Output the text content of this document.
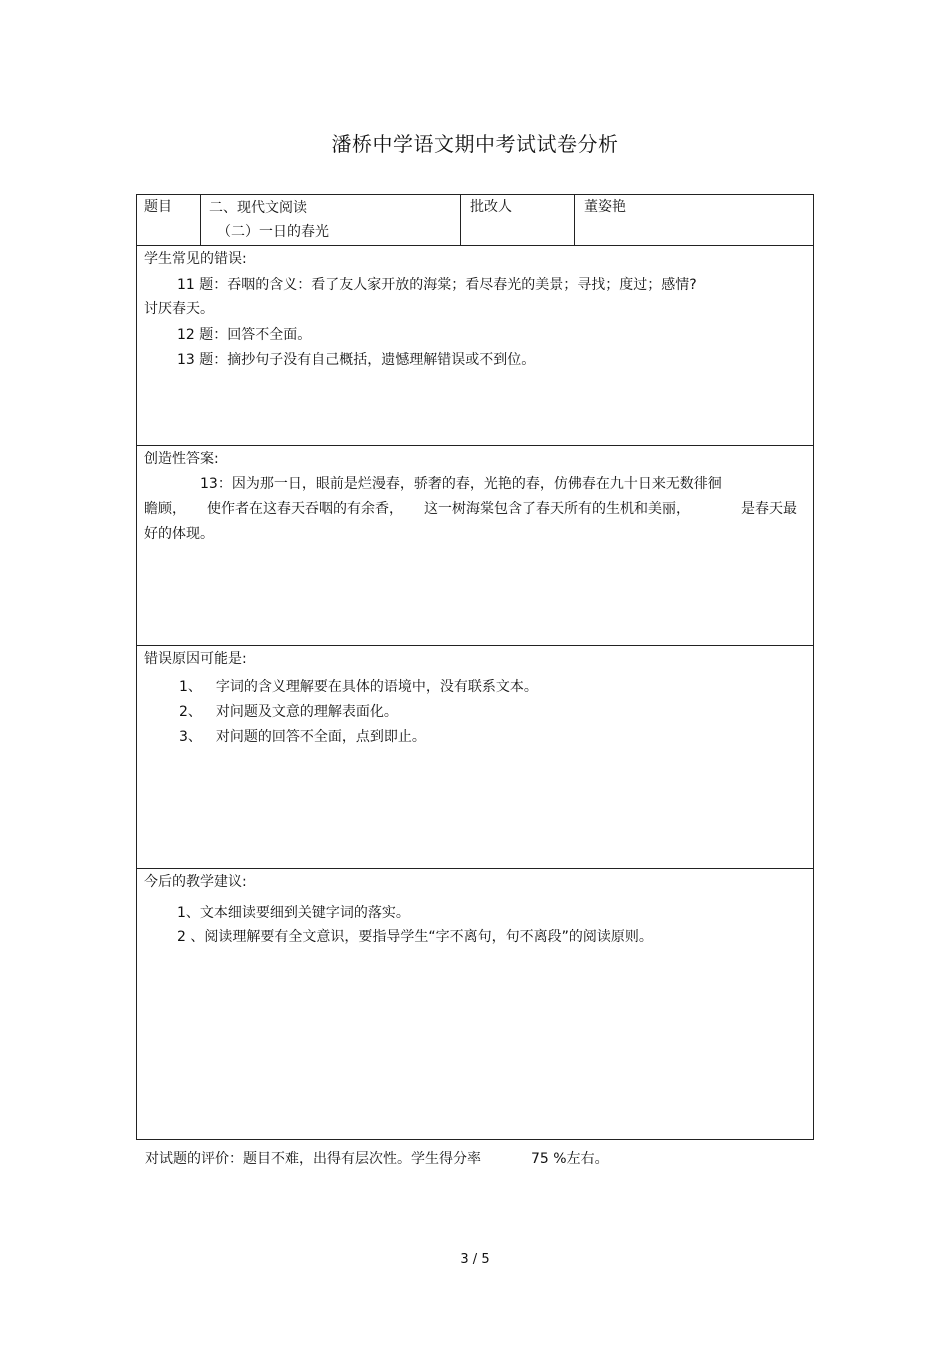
潘桥中学语文期中考试试卷分析
题目	二、现代文阅读
（二）一日的春光
批改人	董姿艳
学生常见的错误:
11 题：吞咽的含义：看了友人家开放的海棠；看尽春光的美景；寻找；度过；感情?
讨厌春天。
12 题：回答不全面。
13 题：摘抄句子没有自己概括，遗憾理解错误或不到位。
创造性答案:
13：因为那一日，眼前是烂漫春，骄奢的春，光艳的春，仿佛春在九十日来无数徘徊
瞻顾， 使作者在这春天吞咽的有余香， 这一树海棠包含了春天所有的生机和美丽，	是春天最
好的体现。
错误原因可能是:
1、 字词的含义理解要在具体的语境中，没有联系文本。
2、 对问题及文意的理解表面化。
3、 对问题的回答不全面，点到即止。
今后的教学建议:
1、文本细读要细到关键字词的落实。
2 、阅读理解要有全文意识，要指导学生“字不离句，句不离段”的阅读原则。
对试题的评价：题目不难，出得有层次性。学生得分率	75 %左右。
3 / 5
